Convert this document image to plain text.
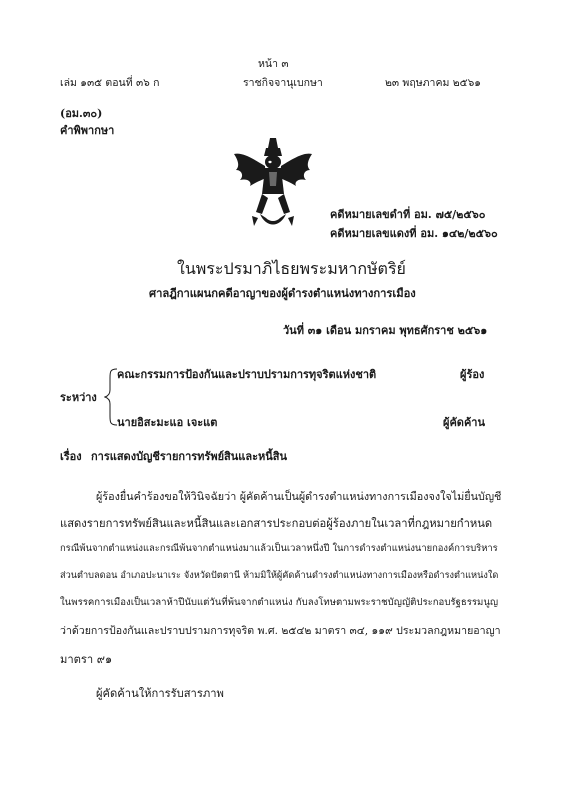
หน้า ๓
เล่ม ๑๓๕ ตอนที่ ๓๖ ก	ราชกิจจานุเบกษา	๒๓ พฤษภาคม ๒๕๖๑
(อม.๓๐)
คำพิพากษา
คดีหมายเลขดำที่ อม. ๗๕/๒๕๖๐
คดีหมายเลขแดงที่ อม. ๑๔๒/๒๕๖๐
ในพระปรมาภิไธยพระมหากษัตริย์
ศาลฎีกาแผนกคดีอาญาของผู้ดำรงตำแหน่งทางการเมือง
วันที่ ๓๑ เดือน มกราคม พุทธศักราช ๒๕๖๑
คณะกรรมการป้องกันและปราบปรามการทุจริตแห่งชาติ	ผู้ร้อง
ระหว่าง
นายอิสะมะแอ เจะแต	ผู้คัดค้าน
เรื่อง การแสดงบัญชีรายการทรัพย์สินและหนี้สิน
ผู้ร้องยื่นคำร้องขอให้วินิจฉัยว่า ผู้คัดค้านเป็นผู้ดำรงตำแหน่งทางการเมืองจงใจไม่ยื่นบัญชี
แสดงรายการทรัพย์สินและหนี้สินและเอกสารประกอบต่อผู้ร้องภายในเวลาที่กฎหมายกำหนด
กรณีพ้นจากตำแหน่งและกรณีพ้นจากตำแหน่งมาแล้วเป็นเวลาหนึ่งปี ในการดำรงตำแหน่งนายกองค์การบริหาร
ส่วนตำบลดอน อำเภอปะนาเระ จังหวัดปัตตานี ห้ามมิให้ผู้คัดค้านดำรงตำแหน่งทางการเมืองหรือดำรงตำแหน่งใด
ในพรรคการเมืองเป็นเวลาห้าปีนับแต่วันที่พ้นจากตำแหน่ง กับลงโทษตามพระราชบัญญัติประกอบรัฐธรรมนูญ
ว่าด้วยการป้องกันและปราบปรามการทุจริต พ.ศ. ๒๕๔๒ มาตรา ๓๔, ๑๑๙ ประมวลกฎหมายอาญา
มาตรา ๙๑
ผู้คัดค้านให้การรับสารภาพ
